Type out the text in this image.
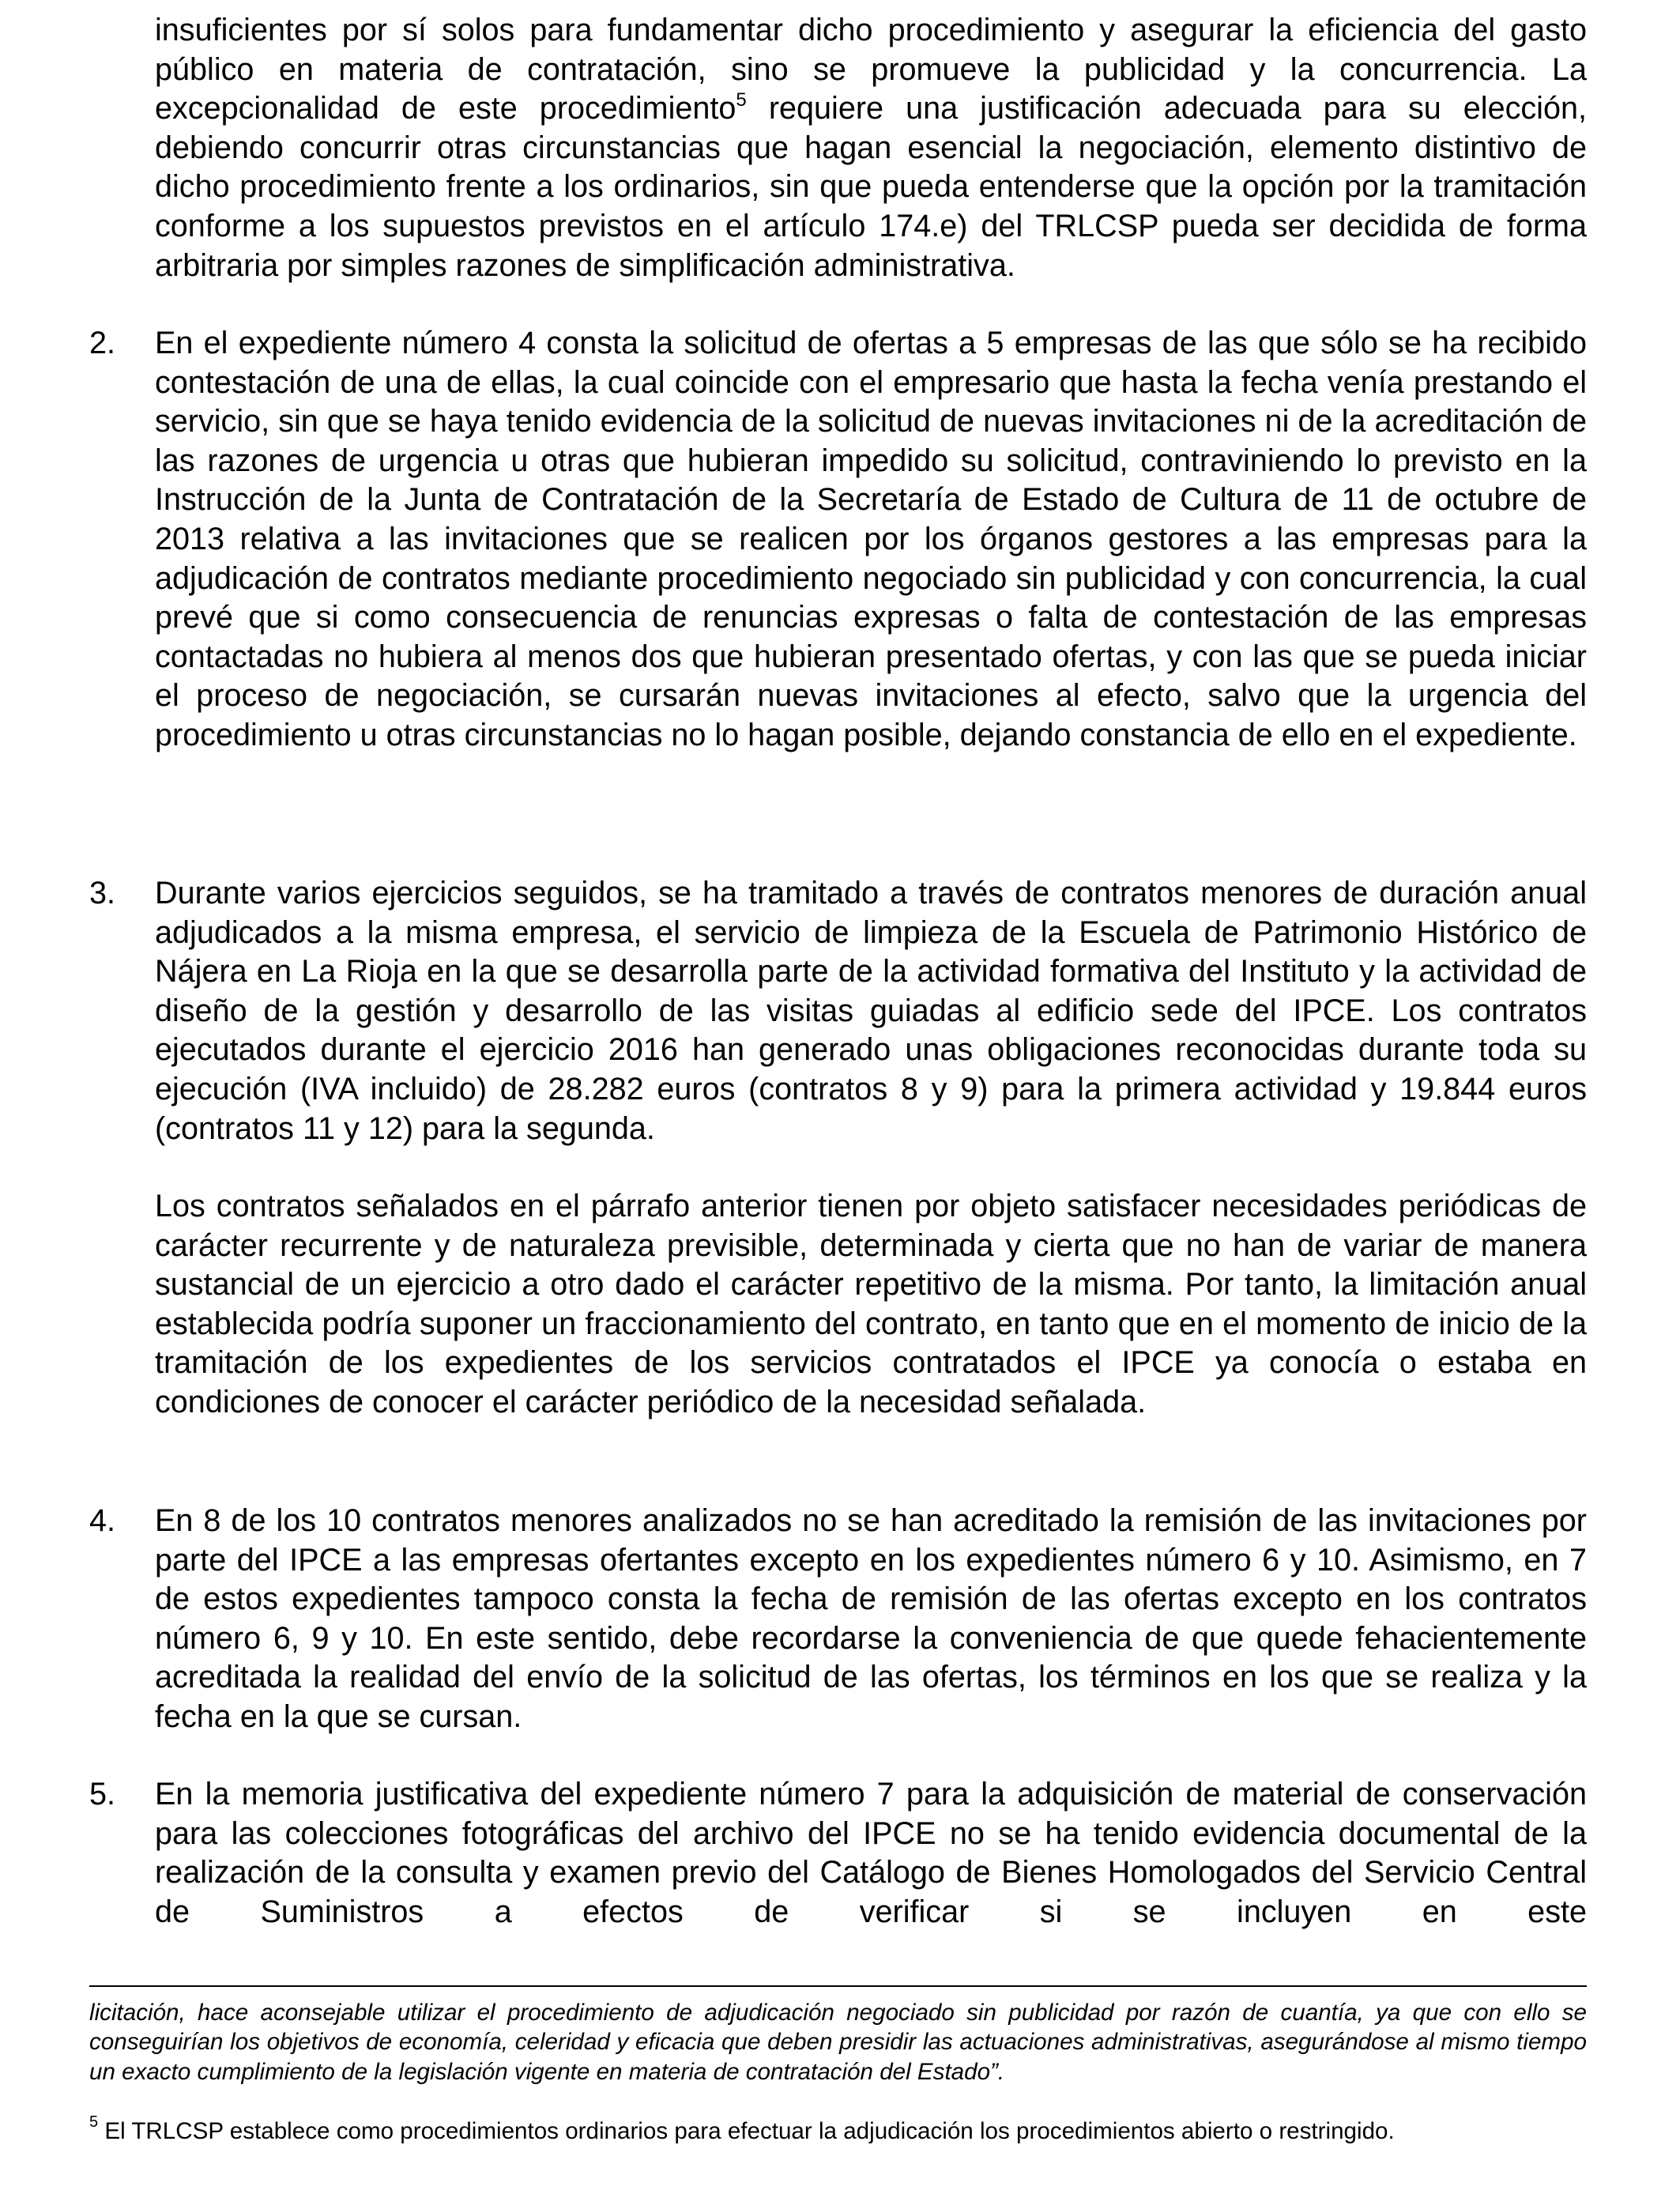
insuficientes por sí solos para fundamentar dicho procedimiento y asegurar la eficiencia del gasto público en materia de contratación, sino se promueve la publicidad y la concurrencia. La excepcionalidad de este procedimiento$^5$ requiere una justificación adecuada para su elección, debiendo concurrir otras circunstancias que hagan esencial la negociación, elemento distintivo de dicho procedimiento frente a los ordinarios, sin que pueda entenderse que la opción por la tramitación conforme a los supuestos previstos en el artículo 174.e) del TRLCSP pueda ser decidida de forma arbitraria por simples razones de simplificación administrativa.

2. En el expediente número 4 consta la solicitud de ofertas a 5 empresas de las que sólo se ha recibido contestación de una de ellas, la cual coincide con el empresario que hasta la fecha venía prestando el servicio, sin que se haya tenido evidencia de la solicitud de nuevas invitaciones ni de la acreditación de las razones de urgencia u otras que hubieran impedido su solicitud, contraviniendo lo previsto en la Instrucción de la Junta de Contratación de la Secretaría de Estado de Cultura de 11 de octubre de 2013 relativa a las invitaciones que se realicen por los órganos gestores a las empresas para la adjudicación de contratos mediante procedimiento negociado sin publicidad y con concurrencia, la cual prevé que si como consecuencia de renuncias expresas o falta de contestación de las empresas contactadas no hubiera al menos dos que hubieran presentado ofertas, y con las que se pueda iniciar el proceso de negociación, se cursarán nuevas invitaciones al efecto, salvo que la urgencia del procedimiento u otras circunstancias no lo hagan posible, dejando constancia de ello en el expediente.

3. Durante varios ejercicios seguidos, se ha tramitado a través de contratos menores de duración anual adjudicados a la misma empresa, el servicio de limpieza de la Escuela de Patrimonio Histórico de Nájera en La Rioja en la que se desarrolla parte de la actividad formativa del Instituto y la actividad de diseño de la gestión y desarrollo de las visitas guiadas al edificio sede del IPCE. Los contratos ejecutados durante el ejercicio 2016 han generado unas obligaciones reconocidas durante toda su ejecución (IVA incluido) de 28.282 euros (contratos 8 y 9) para la primera actividad y 19.844 euros (contratos 11 y 12) para la segunda.

Los contratos señalados en el párrafo anterior tienen por objeto satisfacer necesidades periódicas de carácter recurrente y de naturaleza previsible, determinada y cierta que no han de variar de manera sustancial de un ejercicio a otro dado el carácter repetitivo de la misma. Por tanto, la limitación anual establecida podría suponer un fraccionamiento del contrato, en tanto que en el momento de inicio de la tramitación de los expedientes de los servicios contratados el IPCE ya conocía o estaba en condiciones de conocer el carácter periódico de la necesidad señalada.

4. En 8 de los 10 contratos menores analizados no se han acreditado la remisión de las invitaciones por parte del IPCE a las empresas ofertantes excepto en los expedientes número 6 y 10. Asimismo, en 7 de estos expedientes tampoco consta la fecha de remisión de las ofertas excepto en los contratos número 6, 9 y 10. En este sentido, debe recordarse la conveniencia de que quede fehacientemente acreditada la realidad del envío de la solicitud de las ofertas, los términos en los que se realiza y la fecha en la que se cursan.

5. En la memoria justificativa del expediente número 7 para la adquisición de material de conservación para las colecciones fotográficas del archivo del IPCE no se ha tenido evidencia documental de la realización de la consulta y examen previo del Catálogo de Bienes Homologados del Servicio Central de Suministros a efectos de verificar si se incluyen en este

licitación, hace aconsejable utilizar el procedimiento de adjudicación negociado sin publicidad por razón de cuantía, ya que con ello se conseguirían los objetivos de economía, celeridad y eficacia que deben presidir las actuaciones administrativas, asegurándose al mismo tiempo un exacto cumplimiento de la legislación vigente en materia de contratación del Estado”.

$^5$ El TRLCSP establece como procedimientos ordinarios para efectuar la adjudicación los procedimientos abierto o restringido.
